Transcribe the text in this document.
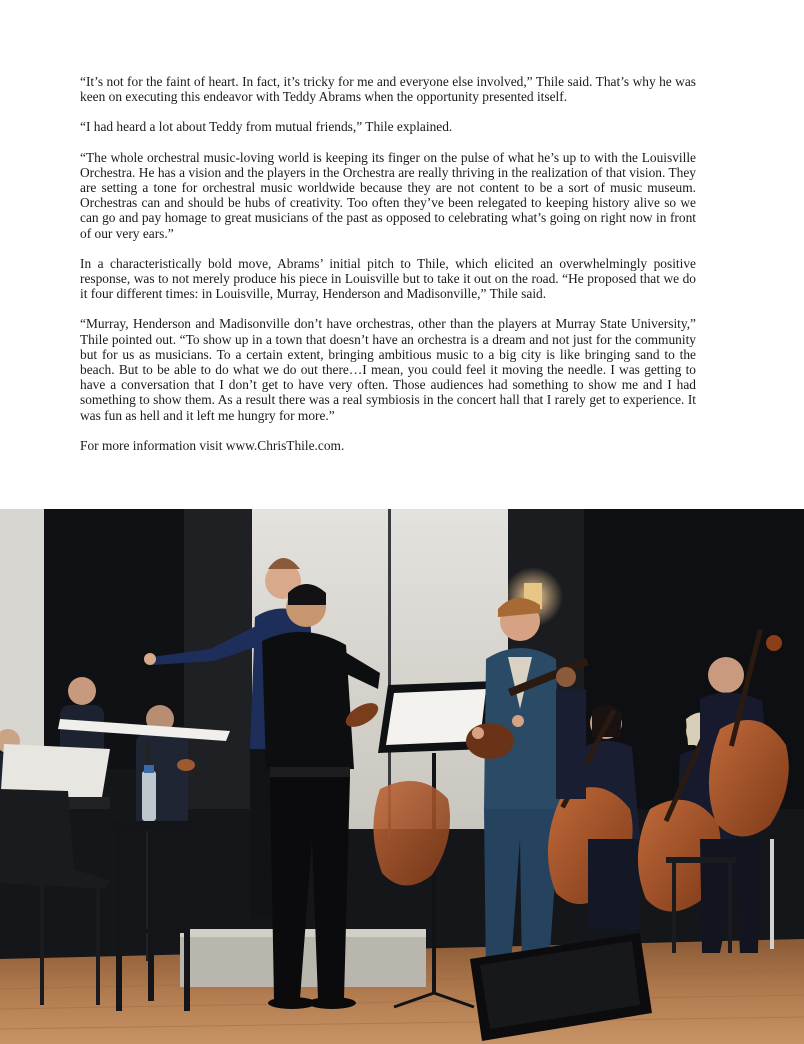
“It’s not for the faint of heart. In fact, it’s tricky for me and everyone else involved,” Thile said. That’s why he was keen on executing this endeavor with Teddy Abrams when the opportunity presented itself.

“I had heard a lot about Teddy from mutual friends,” Thile explained.

“The whole orchestral music-loving world is keeping its finger on the pulse of what he’s up to with the Louisville Orchestra. He has a vision and the players in the Orchestra are really thriving in the realization of that vision. They are setting a tone for orchestral music worldwide because they are not content to be a sort of music museum. Orchestras can and should be hubs of creativity. Too often they’ve been relegated to keeping history alive so we can go and pay homage to great musicians of the past as opposed to celebrating what’s going on right now in front of our very ears.”

In a characteristically bold move, Abrams’ initial pitch to Thile, which elicited an overwhelmingly positive response, was to not merely produce his piece in Louisville but to take it out on the road. “He proposed that we do it four different times: in Louisville, Murray, Henderson and Madisonville,” Thile said.

“Murray, Henderson and Madisonville don’t have orchestras, other than the players at Murray State University,” Thile pointed out. “To show up in a town that doesn’t have an orchestra is a dream and not just for the community but for us as musicians. To a certain extent, bringing ambitious music to a big city is like bringing sand to the beach. But to be able to do what we do out there…I mean, you could feel it moving the needle. I was getting to have a conversation that I don’t get to have very often. Those audiences had something to show me and I had something to show them. As a result there was a real symbiosis in the concert hall that I rarely get to experience. It was fun as hell and it left me hungry for more.”

For more information visit www.ChrisThile.com.
